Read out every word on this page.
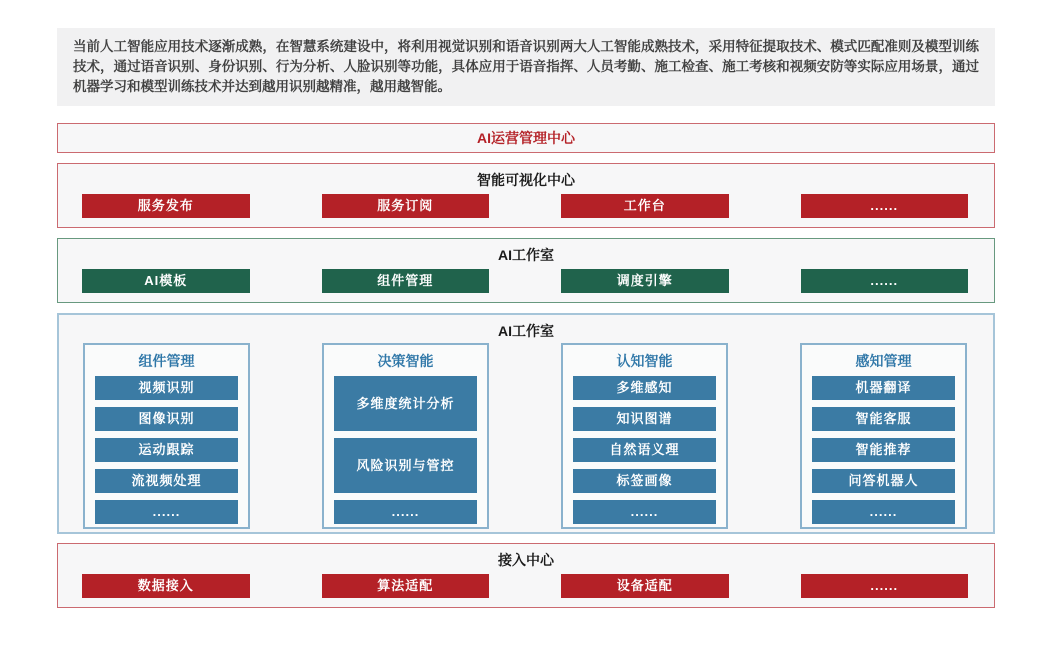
当前人工智能应用技术逐渐成熟，在智慧系统建设中，将利用视觉识别和语音识别两大人工智能成熟技术，采用特征提取技术、模式匹配准则及模型训练技术，通过语音识别、身份识别、行为分析、人脸识别等功能，具体应用于语音指挥、人员考勤、施工检查、施工考核和视频安防等实际应用场景，通过机器学习和模型训练技术并达到越用识别越精准，越用越智能。
AI运营管理中心
智能可视化中心
服务发布	服务订阅	工作台	......
AI工作室
AI模板	组件管理	调度引擎	......
AI工作室
组件管理
视频识别
图像识别
运动跟踪
流视频处理
......
决策智能
多维度统计分析
风险识别与管控
......
认知智能
多维感知
知识图谱
自然语义理
标签画像
......
感知管理
机器翻译
智能客服
智能推荐
问答机器人
......
接入中心
数据接入	算法适配	设备适配	......
